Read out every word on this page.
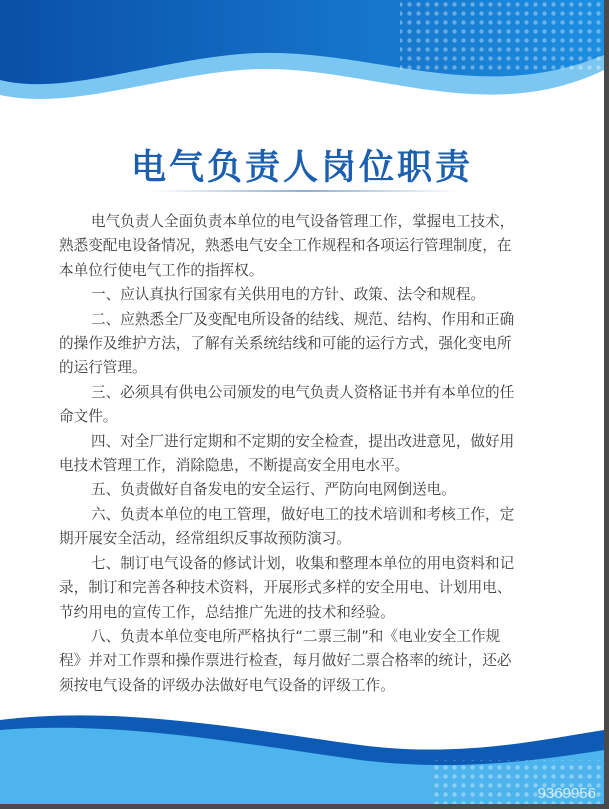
电气负责人岗位职责
电气负责人全面负责本单位的电气设备管理工作，掌握电工技术，
熟悉变配电设备情况，熟悉电气安全工作规程和各项运行管理制度，在
本单位行使电气工作的指挥权。
一、应认真执行国家有关供用电的方针、政策、法令和规程。
二、应熟悉全厂及变配电所设备的结线、规范、结构、作用和正确
的操作及维护方法，了解有关系统结线和可能的运行方式，强化变电所
的运行管理。
三、必须具有供电公司颁发的电气负责人资格证书并有本单位的任
命文件。
四、对全厂进行定期和不定期的安全检查，提出改进意见，做好用
电技术管理工作，消除隐患，不断提高安全用电水平。
五、负责做好自备发电的安全运行、严防向电网倒送电。
六、负责本单位的电工管理，做好电工的技术培训和考核工作，定
期开展安全活动，经常组织反事故预防演习。
七、制订电气设备的修试计划，收集和整理本单位的用电资料和记
录，制订和完善各种技术资料，开展形式多样的安全用电、计划用电、
节约用电的宣传工作，总结推广先进的技术和经验。
八、负责本单位变电所严格执行“二票三制”和《电业安全工作规
程》并对工作票和操作票进行检查，每月做好二票合格率的统计，还必
须按电气设备的评级办法做好电气设备的评级工作。
9369956
